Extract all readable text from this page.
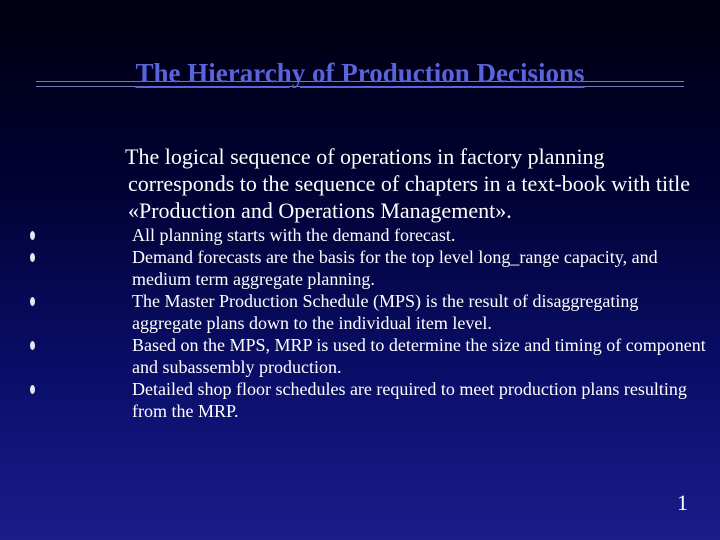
The Hierarchy of Production Decisions
The logical sequence of operations in factory planning corresponds to the sequence of chapters in a text-book with title «Production and Operations Management».
All planning starts with the demand forecast.
Demand forecasts are the basis for the top level long_range capacity, and medium term aggregate planning.
The Master Production Schedule (MPS) is the result of disaggregating aggregate plans down to the individual item level.
Based on the MPS, MRP is used to determine the size and timing of component and subassembly production.
Detailed shop floor schedules are required to meet production plans resulting from the MRP.
1
